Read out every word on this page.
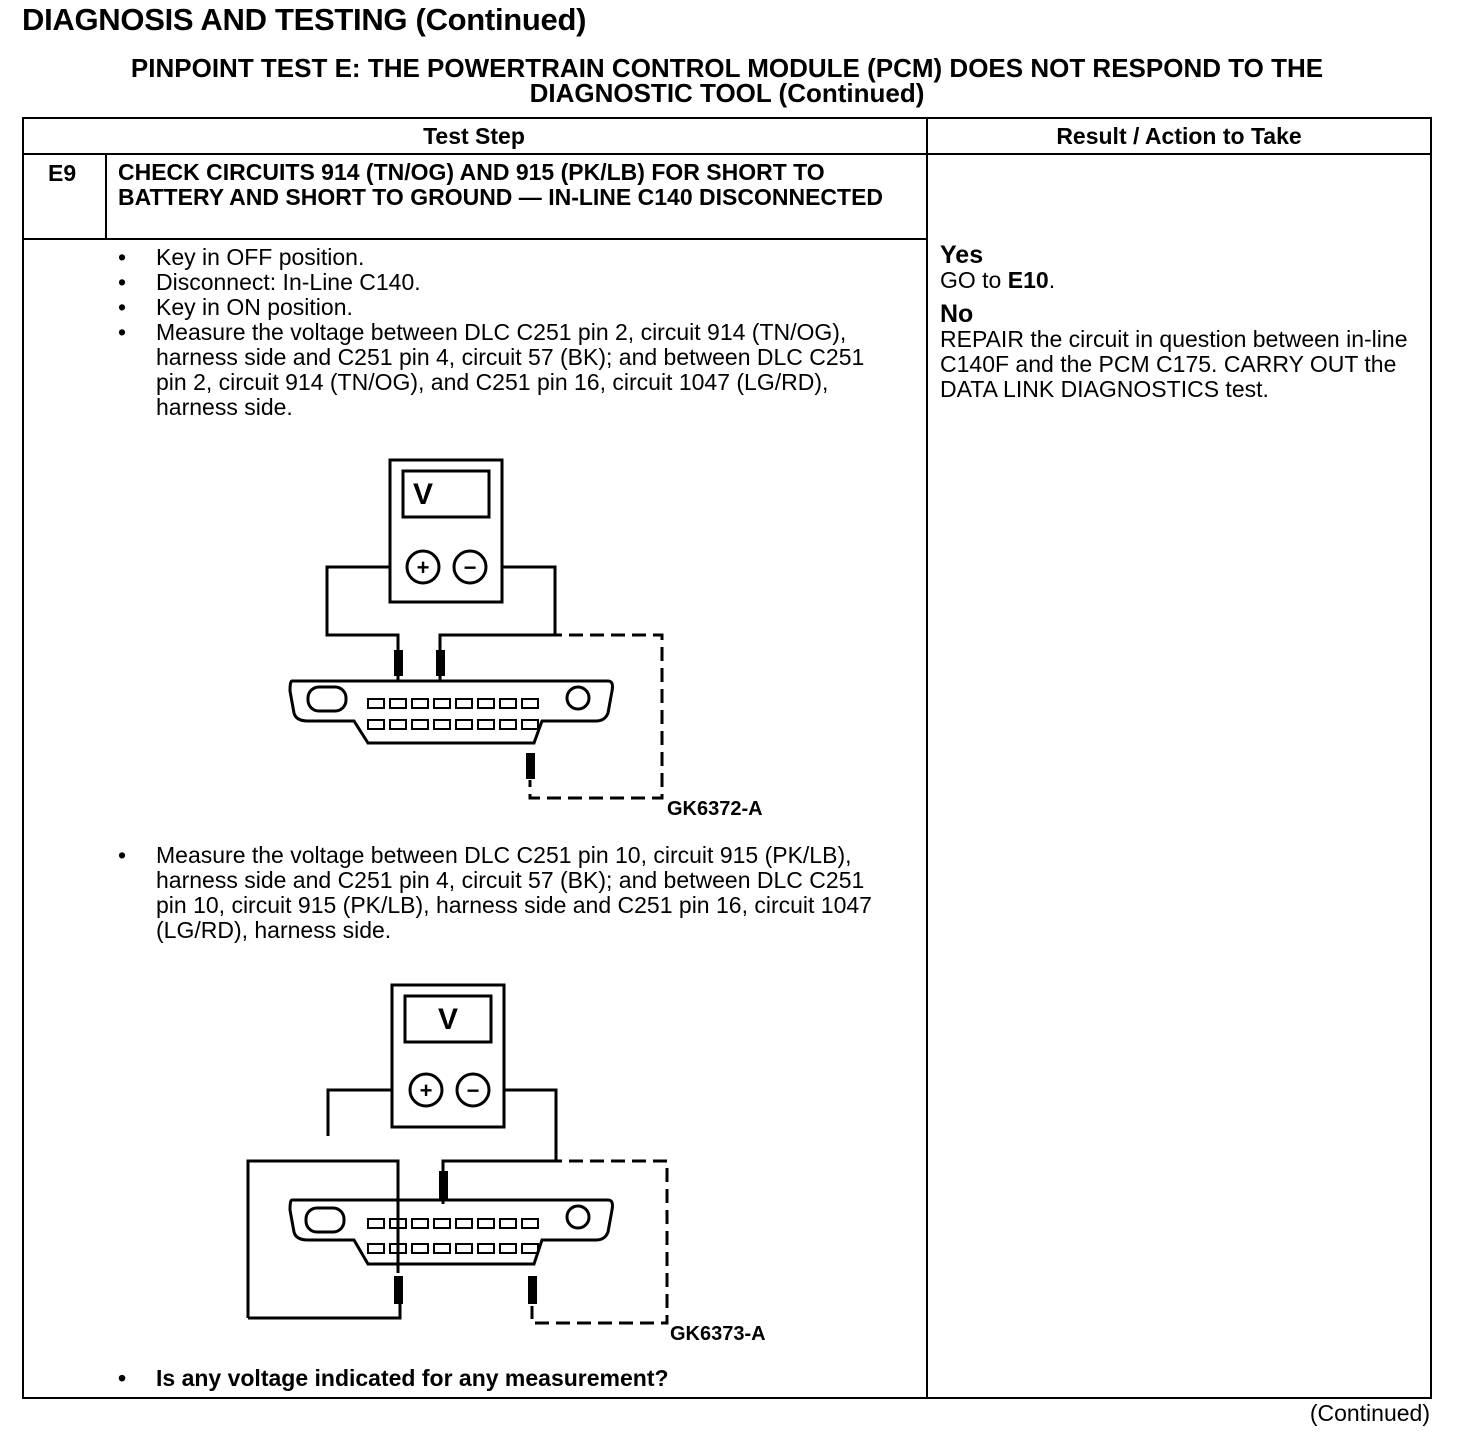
DIAGNOSIS AND TESTING (Continued)
PINPOINT TEST E: THE POWERTRAIN CONTROL MODULE (PCM) DOES NOT RESPOND TO THE
DIAGNOSTIC TOOL (Continued)
Test Step	Result / Action to Take
E9 CHECK CIRCUITS 914 (TN/OG) AND 915 (PK/LB) FOR SHORT TO BATTERY AND SHORT TO GROUND — IN-LINE C140 DISCONNECTED
• Key in OFF position.
• Disconnect: In-Line C140.
• Key in ON position.
• Measure the voltage between DLC C251 pin 2, circuit 914 (TN/OG), harness side and C251 pin 4, circuit 57 (BK); and between DLC C251 pin 2, circuit 914 (TN/OG), and C251 pin 16, circuit 1047 (LG/RD), harness side.
V
+ −
GK6372-A
• Measure the voltage between DLC C251 pin 10, circuit 915 (PK/LB), harness side and C251 pin 4, circuit 57 (BK); and between DLC C251 pin 10, circuit 915 (PK/LB), harness side and C251 pin 16, circuit 1047 (LG/RD), harness side.
V
+ −
GK6373-A
• Is any voltage indicated for any measurement?
Yes
GO to E10.
No
REPAIR the circuit in question between in-line C140F and the PCM C175. CARRY OUT the DATA LINK DIAGNOSTICS test.
(Continued)
